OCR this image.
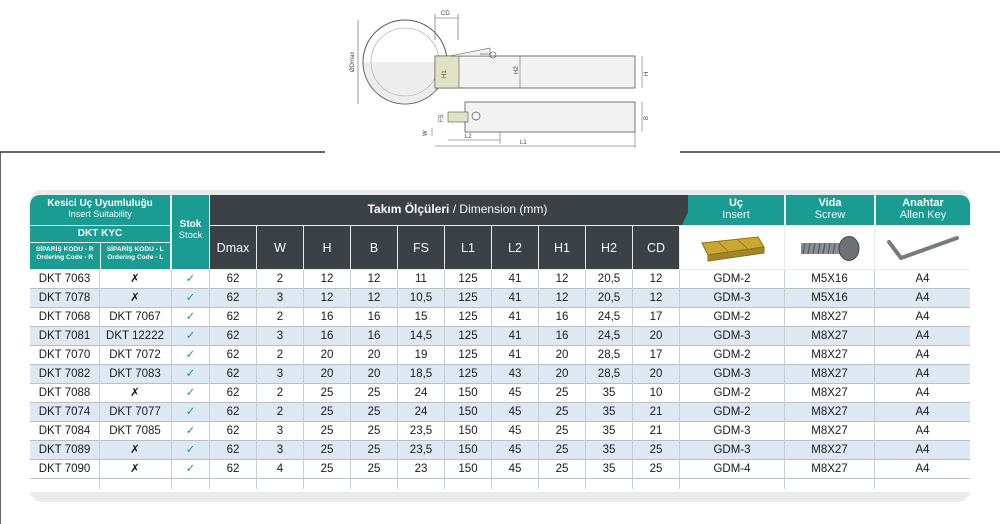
ØDmax
CD
H1
H2	H
B
FS
W
L2
L1
Kesici Uç Uyumluluğu
Insert Suitability
DKT KYC
SİPARİŞ KODU - R
Ordering Code - R
SİPARİŞ KODU - L
Ordering Code - L
Stok
Stock
Takım Ölçüleri / Dimension (mm)	Uç
Insert
Vida
Screw
Anahtar
Allen Key
Dmax	W	H	B	FS	L1	L2	H1	H2	CD
DKT 7063	✗	✓	62	2	12	12	11	125	41	12	20,5	12	GDM-2	M5X16	A4
DKT 7078	✗	✓	62	3	12	12	10,5	125	41	12	20,5	12	GDM-3	M5X16	A4
DKT 7068	DKT 7067	✓	62	2	16	16	15	125	41	16	24,5	17	GDM-2	M8X27	A4
DKT 7081	DKT 12222	✓	62	3	16	16	14,5	125	41	16	24,5	20	GDM-3	M8X27	A4
DKT 7070	DKT 7072	✓	62	2	20	20	19	125	41	20	28,5	17	GDM-2	M8X27	A4
DKT 7082	DKT 7083	✓	62	3	20	20	18,5	125	43	20	28,5	20	GDM-3	M8X27	A4
DKT 7088	✗	✓	62	2	25	25	24	150	45	25	35	10	GDM-2	M8X27	A4
DKT 7074	DKT 7077	✓	62	2	25	25	24	150	45	25	35	21	GDM-2	M8X27	A4
DKT 7084	DKT 7085	✓	62	3	25	25	23,5	150	45	25	35	21	GDM-3	M8X27	A4
DKT 7089	✗	✓	62	3	25	25	23,5	150	45	25	35	25	GDM-3	M8X27	A4
DKT 7090	✗	✓	62	4	25	25	23	150	45	25	35	25	GDM-4	M8X27	A4
